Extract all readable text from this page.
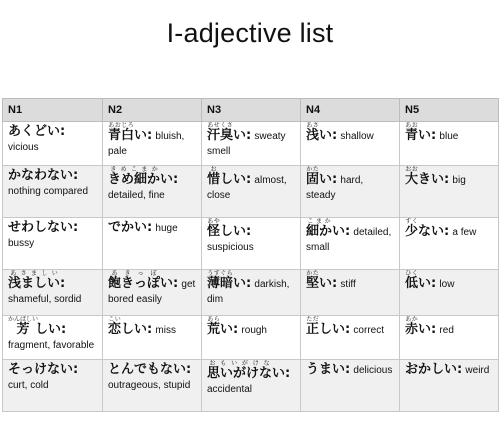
I-adjective list
N1	N2	N3	N4	N5
あくどい: vicious	青白あおじろい: bluish, pale	汗臭あせくさい: sweaty smell	浅あさい: shallow	青あおい: blue
かなわない: nothing compared	きめ細かきめこまかい: detailed, fine	惜おしい: almost, close	固かたい: hard, steady	大おおきい: big
せわしない: bussy	でかい: huge	怪あやしい: suspicious	細かこまかい: detailed, small	少すくない: a few
浅ましいあさましい: shameful, sordid	飽きっぽあきっぽい: get bored easily	薄暗うすぐらい: darkish, dim	堅かたい: stiff	低ひくい: low
芳かんばしいしい: fragment, favorable	恋こいしい: miss	荒あらい: rough	正ただしい: correct	赤あかい: red
そっけない: curt, cold	とんでもない: outrageous, stupid	思いがけなおもいがけない: accidental	うまい: delicious	おかしい: weird
